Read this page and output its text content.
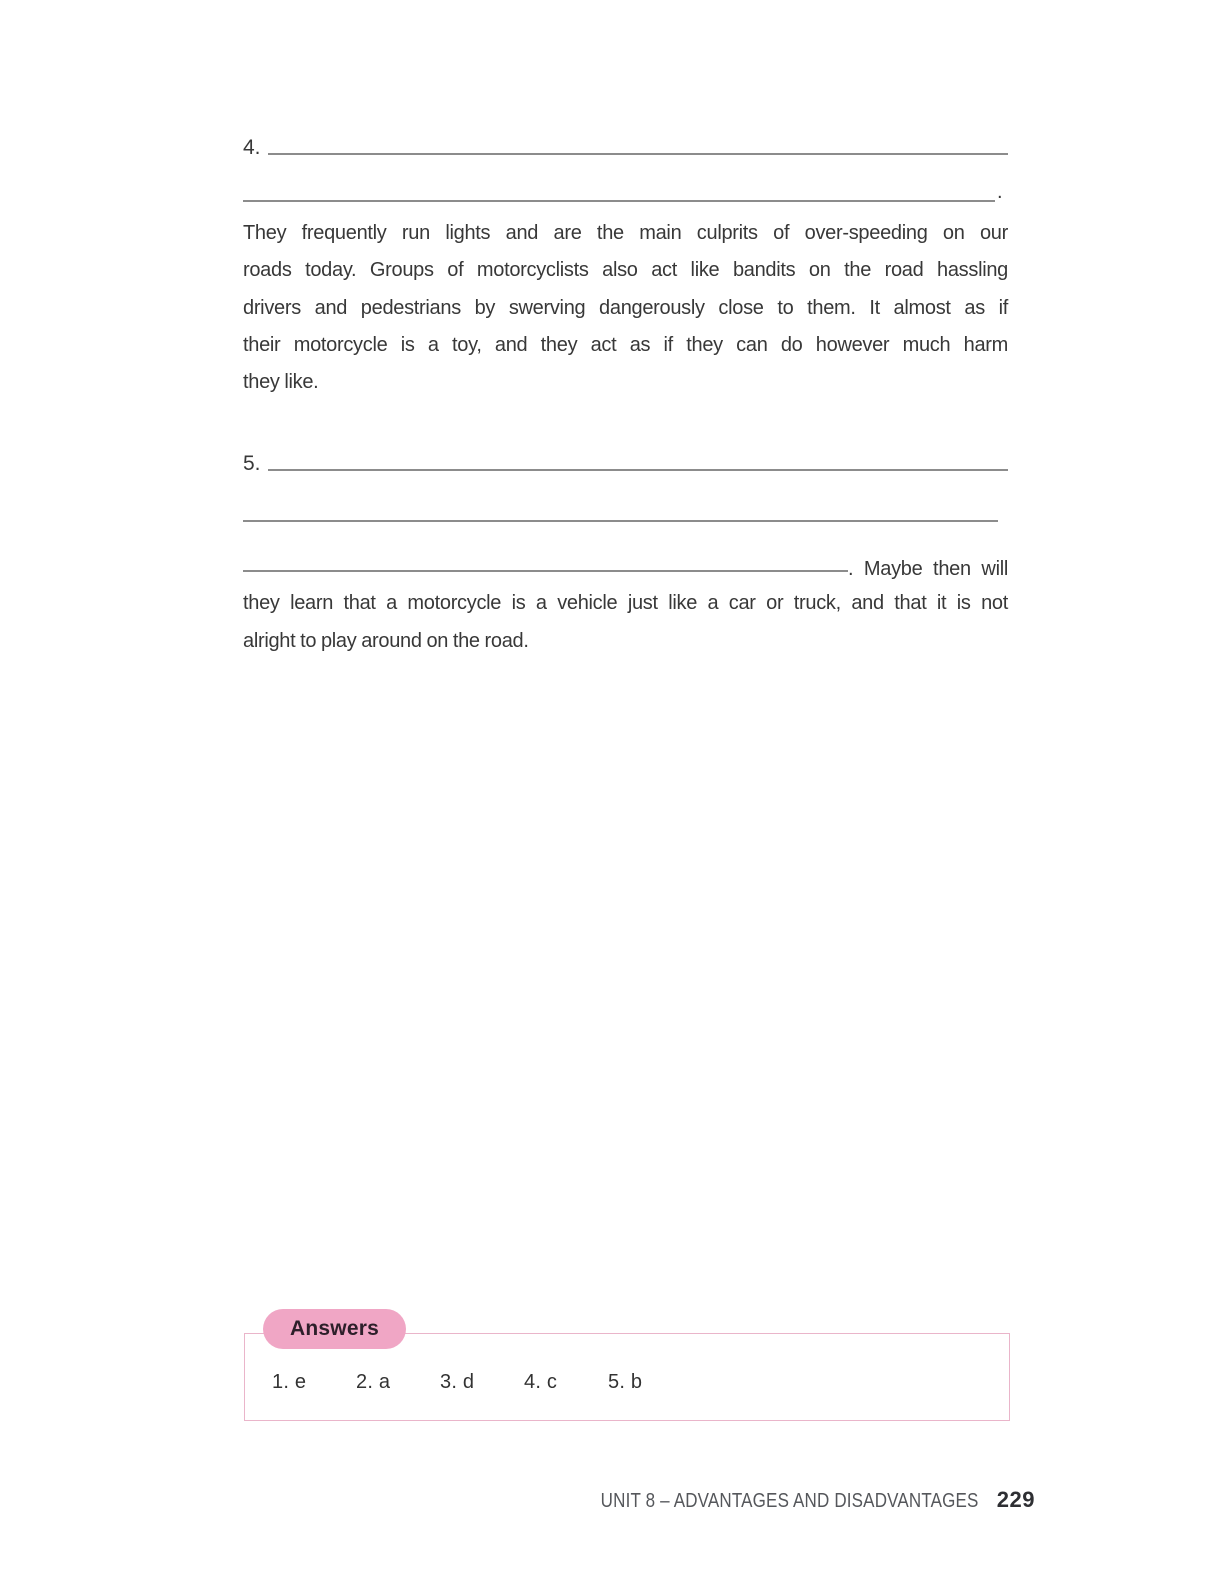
4.
.
They frequently run lights and are the main culprits of over-speeding on our
roads today. Groups of motorcyclists also act like bandits on the road hassling
drivers and pedestrians by swerving dangerously close to them. It almost as if
their motorcycle is a toy, and they act as if they can do however much harm
they like.
5.
. Maybe then will
they learn that a motorcycle is a vehicle just like a car or truck, and that it is not
alright to play around on the road.
Answers
1. e	2. a	3. d	4. c	5. b
UNIT 8 – ADVANTAGES AND DISADVANTAGES 229
